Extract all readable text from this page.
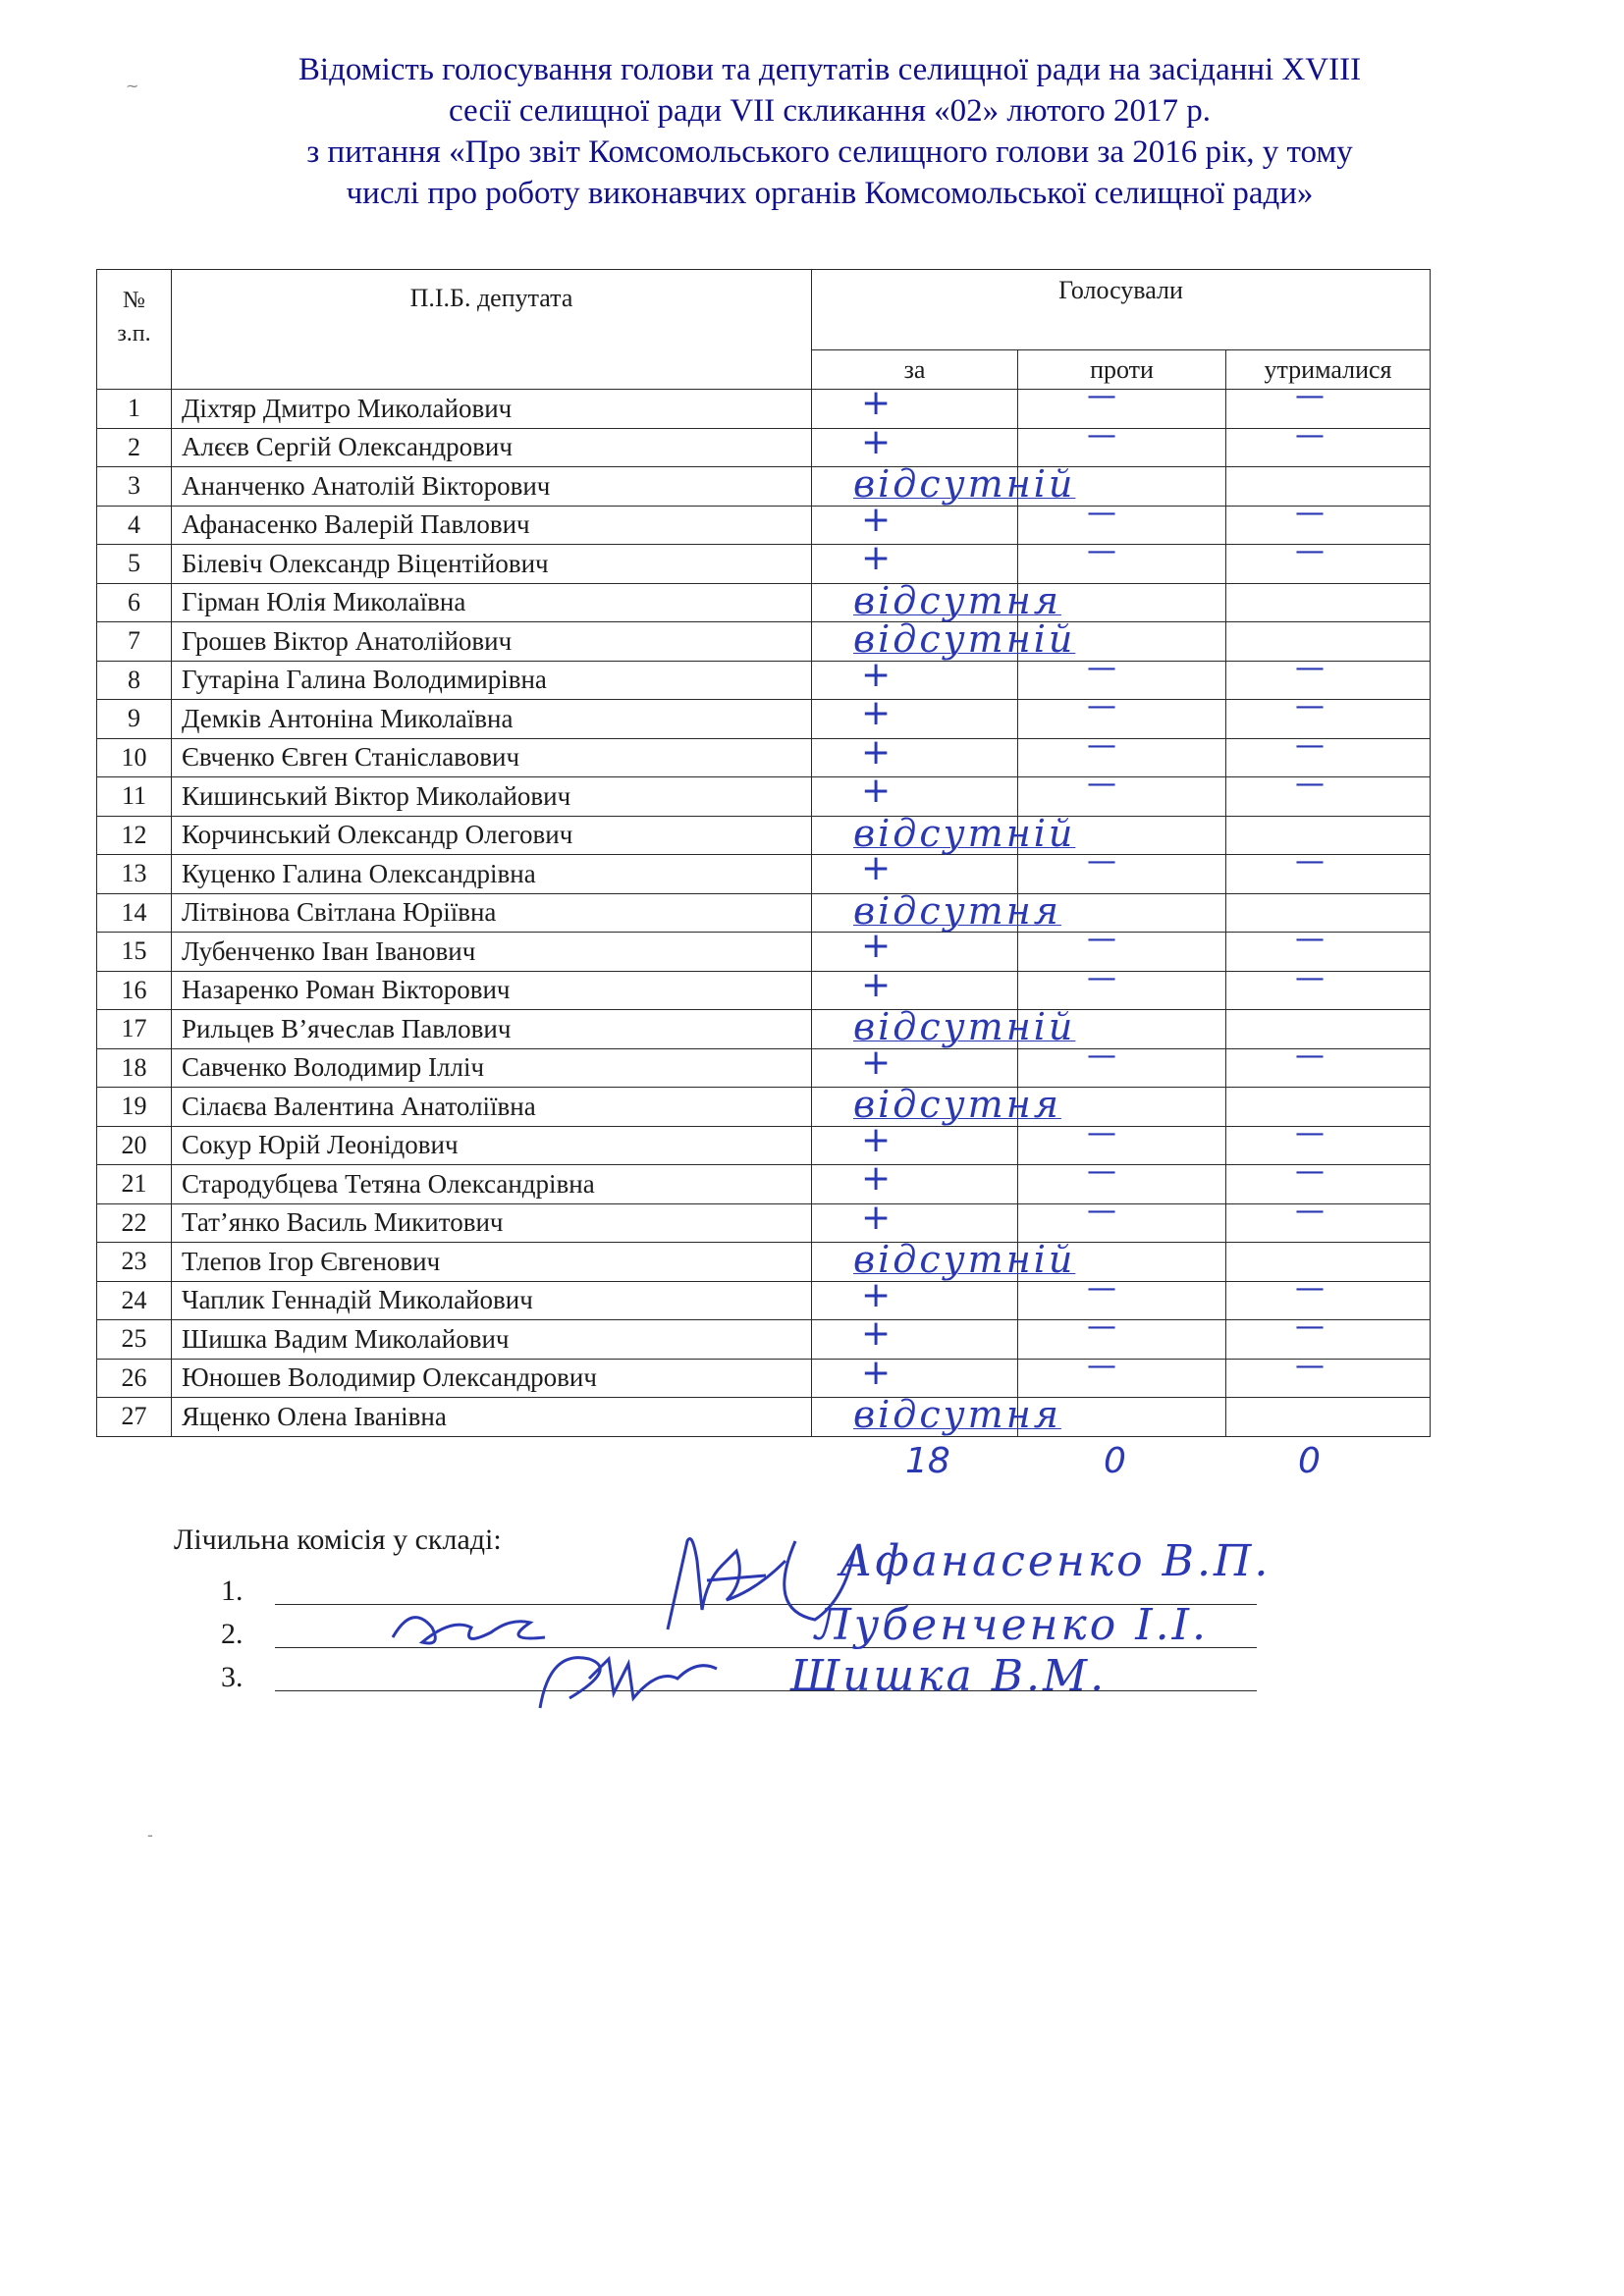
~
-
Відомість голосування голови та депутатів селищної ради на засіданні XVIII
сесії селищної ради VII скликання «02» лютого 2017 р.
з питання «Про звіт Комсомольського селищного голови за 2016 рік, у тому
числі про роботу виконавчих органів Комсомольської селищної ради»
№
з.п.	П.І.Б. депутата	Голосували		
		за	проти	утрималися
1	Діхтяр Дмитро Миколайович	+	—	—

2	Алєєв Сергій Олександрович	+	—	—

3	Ананченко Анатолій Вікторович	відсутній		

4	Афанасенко Валерій Павлович	+	—	—

5	Білевіч Олександр Віцентійович	+	—	—

6	Гірман Юлія Миколаївна	відсутня		

7	Грошев Віктор Анатолійович	відсутній		

8	Гутаріна Галина Володимирівна	+	—	—

9	Демків Антоніна Миколаївна	+	—	—

10	Євченко Євген Станіславович	+	—	—

11	Кишинський Віктор Миколайович	+	—	—

12	Корчинський Олександр Олегович	відсутній		

13	Куценко Галина Олександрівна	+	—	—

14	Літвінова Світлана Юріївна	відсутня		

15	Лубенченко Іван Іванович	+	—	—

16	Назаренко Роман Вікторович	+	—	—

17	Рильцев В’ячеслав Павлович	відсутній		

18	Савченко Володимир Ілліч	+	—	—

19	Сілаєва Валентина Анатоліївна	відсутня		

20	Сокур Юрій Леонідович	+	—	—

21	Стародубцева Тетяна Олександрівна	+	—	—

22	Тат’янко Василь Микитович	+	—	—

23	Тлепов Ігор Євгенович	відсутній		

24	Чаплик Геннадій Миколайович	+	—	—

25	Шишка Вадим Миколайович	+	—	—

26	Юношев Володимир Олександрович	+	—	—

27	Ященко Олена Іванівна	відсутня		

18	0	0
Лічильна комісія у складі:
1.
2.
3.
Афанасенко В.П.
Лубенченко І.І.
Шишка В.М.
